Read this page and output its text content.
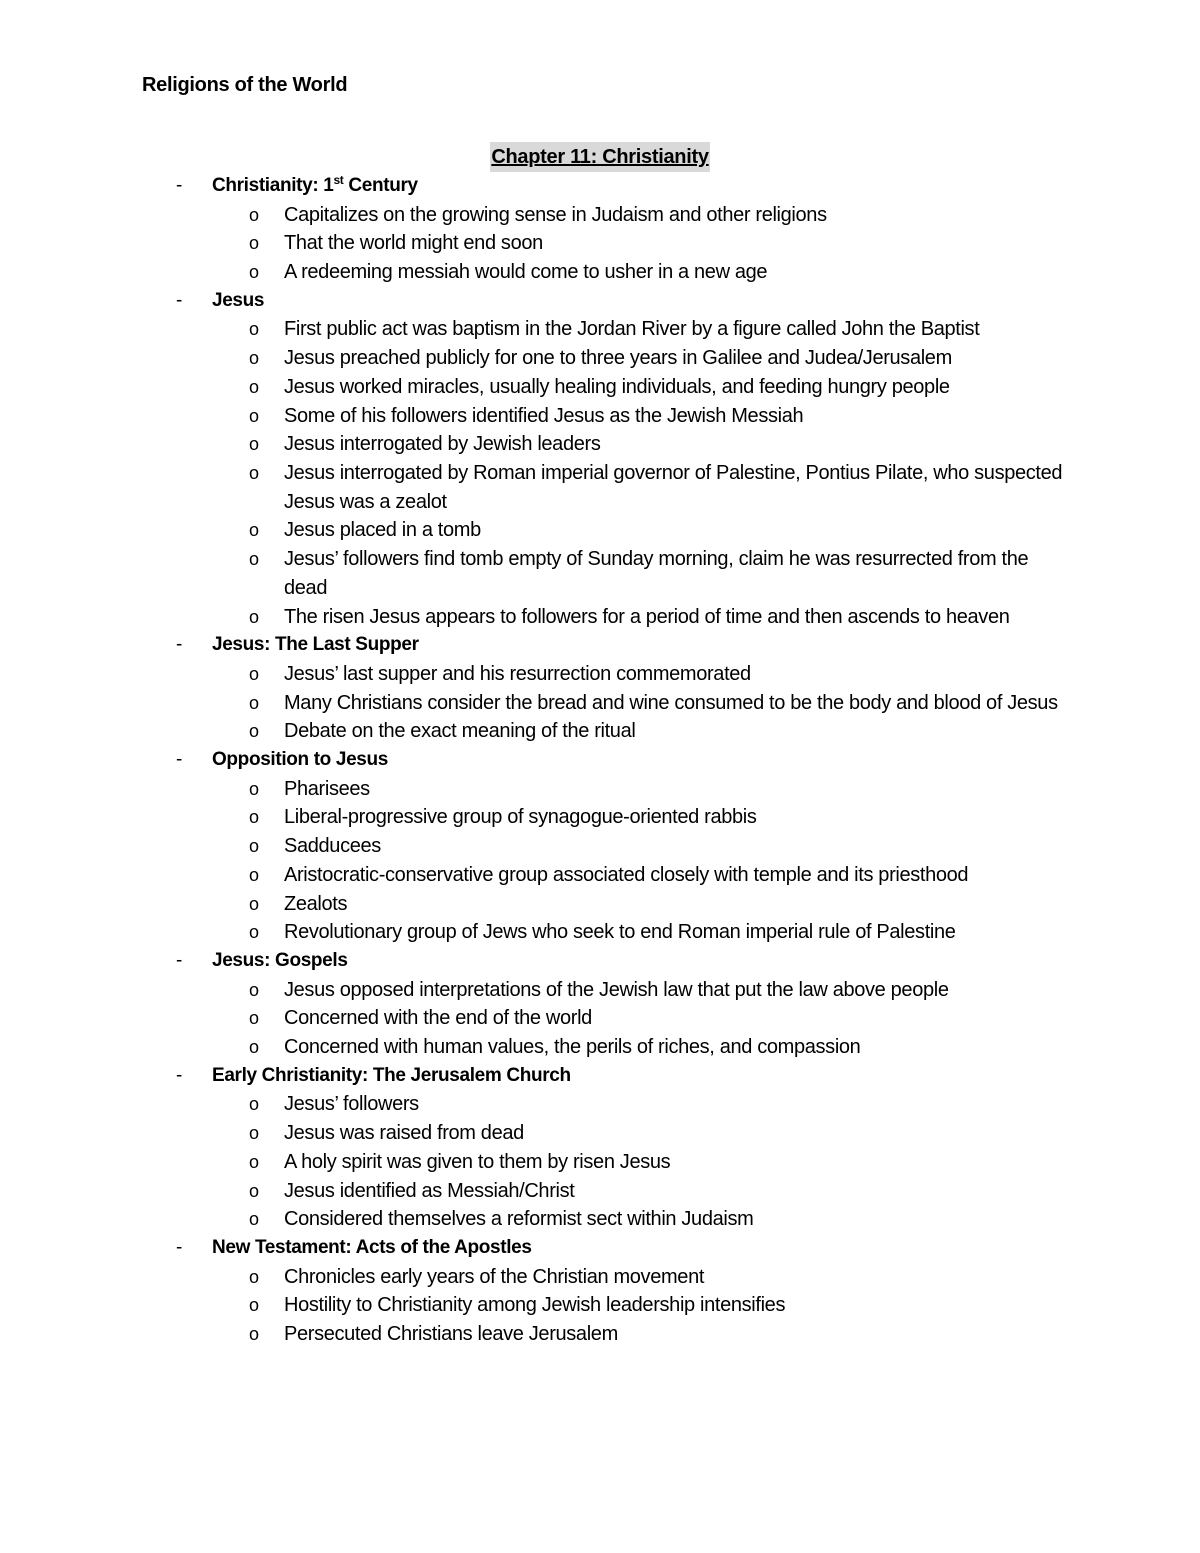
Religions of the World
Chapter 11: Christianity
- Christianity: 1st Century
o Capitalizes on the growing sense in Judaism and other religions
o That the world might end soon
o A redeeming messiah would come to usher in a new age
- Jesus
o First public act was baptism in the Jordan River by a figure called John the Baptist
o Jesus preached publicly for one to three years in Galilee and Judea/Jerusalem
o Jesus worked miracles, usually healing individuals, and feeding hungry people
o Some of his followers identified Jesus as the Jewish Messiah
o Jesus interrogated by Jewish leaders
o Jesus interrogated by Roman imperial governor of Palestine, Pontius Pilate, who suspected Jesus was a zealot
o Jesus placed in a tomb
o Jesus’ followers find tomb empty of Sunday morning, claim he was resurrected from the dead
o The risen Jesus appears to followers for a period of time and then ascends to heaven
- Jesus: The Last Supper
o Jesus’ last supper and his resurrection commemorated
o Many Christians consider the bread and wine consumed to be the body and blood of Jesus
o Debate on the exact meaning of the ritual
- Opposition to Jesus
o Pharisees
o Liberal-progressive group of synagogue-oriented rabbis
o Sadducees
o Aristocratic-conservative group associated closely with temple and its priesthood
o Zealots
o Revolutionary group of Jews who seek to end Roman imperial rule of Palestine
- Jesus: Gospels
o Jesus opposed interpretations of the Jewish law that put the law above people
o Concerned with the end of the world
o Concerned with human values, the perils of riches, and compassion
- Early Christianity: The Jerusalem Church
o Jesus’ followers
o Jesus was raised from dead
o A holy spirit was given to them by risen Jesus
o Jesus identified as Messiah/Christ
o Considered themselves a reformist sect within Judaism
- New Testament: Acts of the Apostles
o Chronicles early years of the Christian movement
o Hostility to Christianity among Jewish leadership intensifies
o Persecuted Christians leave Jerusalem
